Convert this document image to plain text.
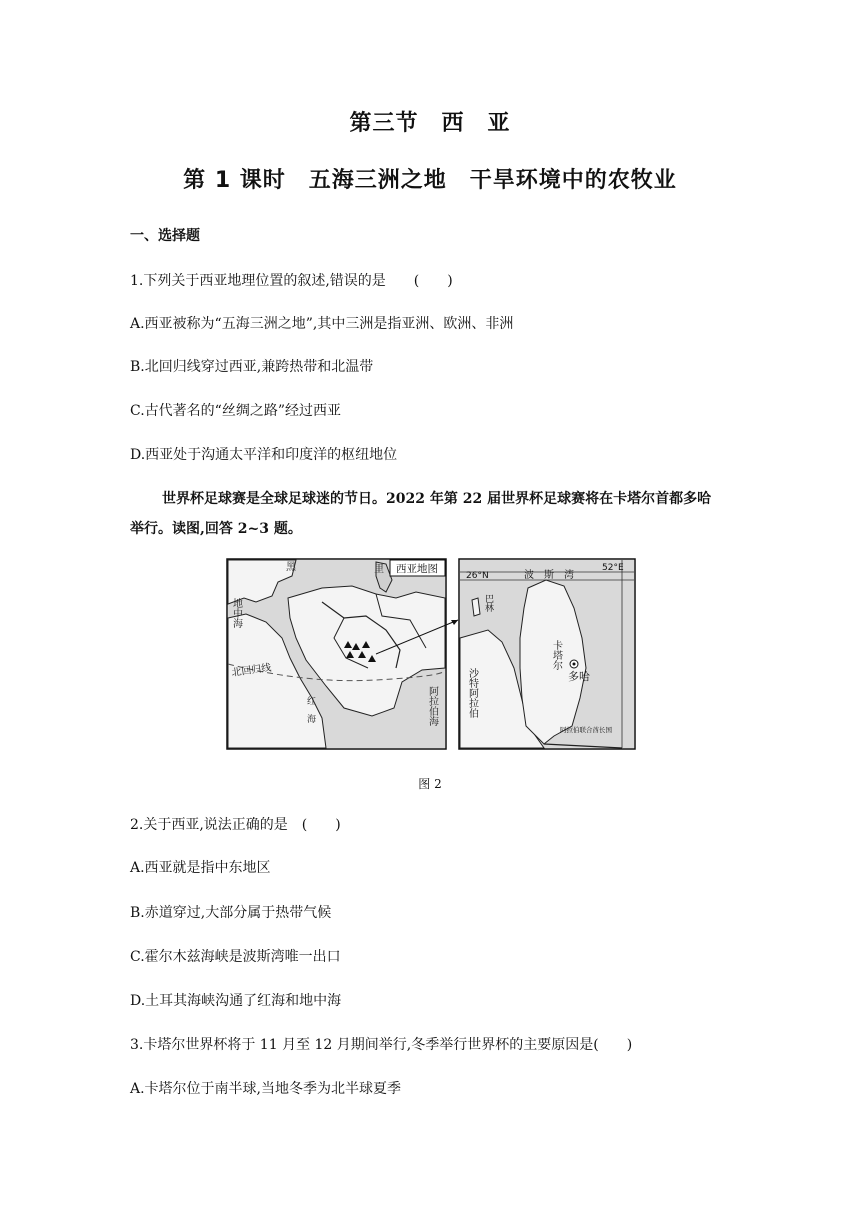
第三节　西　亚
第 1 课时　五海三洲之地　干旱环境中的农牧业
一、选择题
1.下列关于西亚地理位置的叙述,错误的是　　(　　)
A.西亚被称为“五海三洲之地”,其中三洲是指亚洲、欧洲、非洲
B.北回归线穿过西亚,兼跨热带和北温带
C.古代著名的“丝绸之路”经过西亚
D.西亚处于沟通太平洋和印度洋的枢纽地位
世界杯足球赛是全球足球迷的节日。2022 年第 22 届世界杯足球赛将在卡塔尔首都多哈
举行。读图,回答 2~3 题。
西亚地图
北回归线
黑	里
地中海
红　海	阿拉伯海
52°E
26°N	波　斯　湾
巴林
沙特阿拉伯
卡塔尔
多哈
阿拉伯联合酋长国
图 2
2.关于西亚,说法正确的是　(　　)
A.西亚就是指中东地区
B.赤道穿过,大部分属于热带气候
C.霍尔木兹海峡是波斯湾唯一出口
D.土耳其海峡沟通了红海和地中海
3.卡塔尔世界杯将于 11 月至 12 月期间举行,冬季举行世界杯的主要原因是(　　)
A.卡塔尔位于南半球,当地冬季为北半球夏季
